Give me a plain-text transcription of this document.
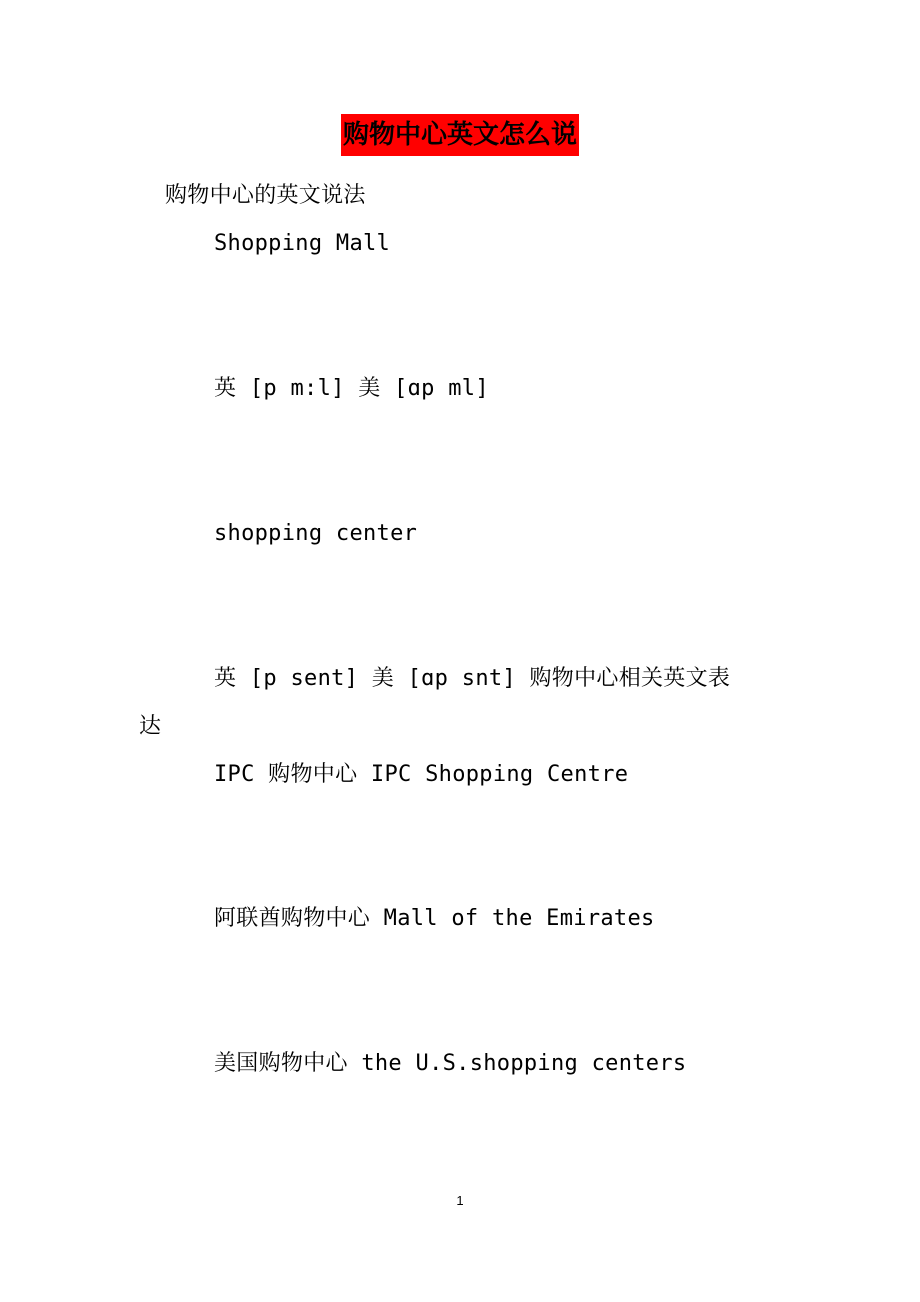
购物中心英文怎么说
购物中心的英文说法
Shopping Mall
英 [p m:l] 美 [ɑp ml]
shopping center
英 [p sent] 美 [ɑp snt] 购物中心相关英文表
达
IPC 购物中心 IPC Shopping Centre
阿联酋购物中心 Mall of the Emirates
美国购物中心 the U.S.shopping centers
1
